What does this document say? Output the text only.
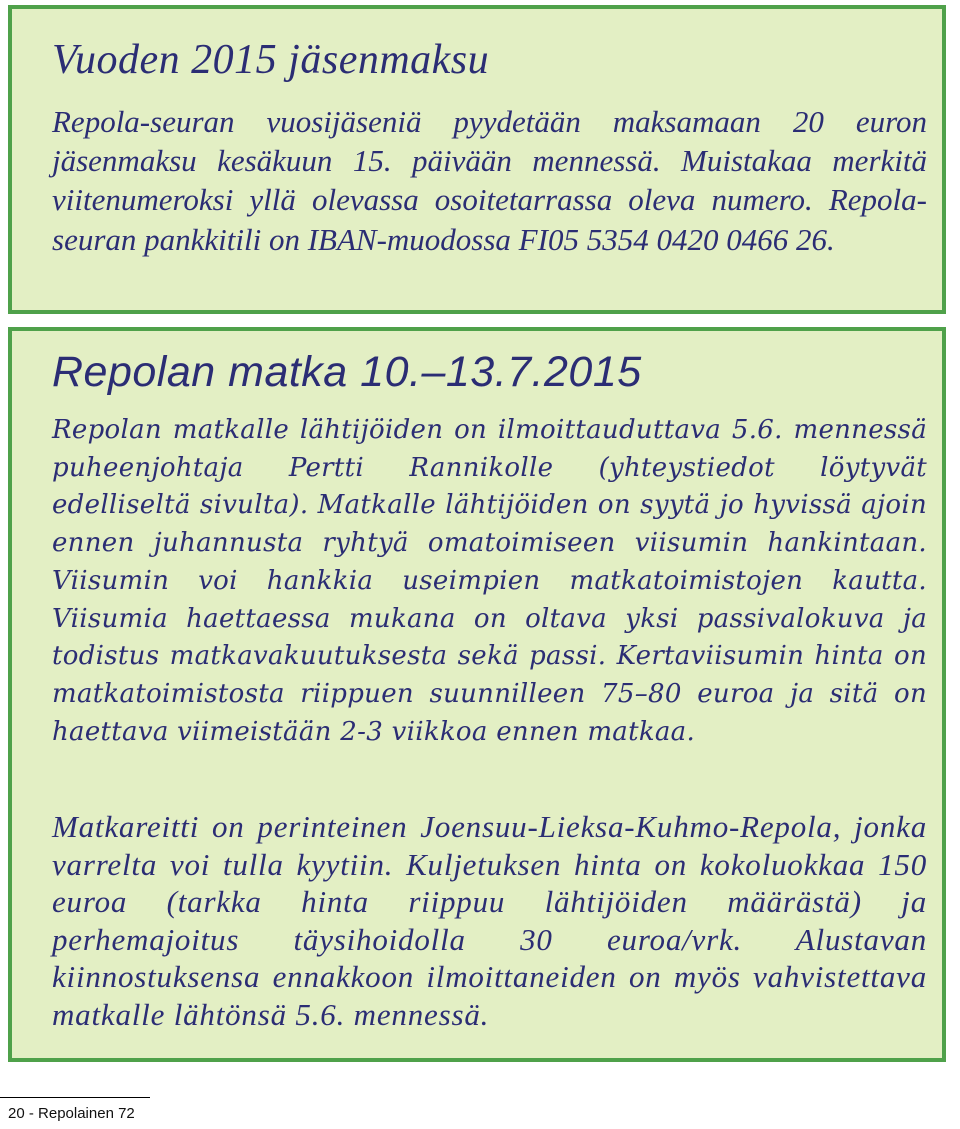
Vuoden 2015 jäsenmaksu

Repola-seuran vuosijäseniä pyydetään maksamaan 20 euron jäsenmaksu kesäkuun 15. päivään mennessä. Muistakaa merkitä viitenumeroksi yllä olevassa osoitetarrassa oleva numero. Repola-seuran pankkitili on IBAN-muodossa FI05 5354 0420 0466 26.

Repolan matka 10.–13.7.2015

Repolan matkalle lähtijöiden on ilmoittauduttava 5.6. mennessä puheenjohtaja Pertti Rannikolle (yhteystiedot löytyvät edelliseltä sivulta). Matkalle lähtijöiden on syytä jo hyvissä ajoin ennen juhannusta ryhtyä omatoimiseen viisumin hankintaan. Viisumin voi hankkia useimpien matkatoimistojen kautta. Viisumia haettaessa mukana on oltava yksi passivalokuva ja todistus matkavakuutuksesta sekä passi. Kertaviisumin hinta on matkatoimistosta riippuen suunnilleen 75–80 euroa ja sitä on haettava viimeistään 2-3 viikkoa ennen matkaa.

Matkareitti on perinteinen Joensuu-Lieksa-Kuhmo-Repola, jonka varrelta voi tulla kyytiin. Kuljetuksen hinta on kokoluokkaa 150 euroa (tarkka hinta riippuu lähtijöiden määrästä) ja perhemajoitus täysihoidolla 30 euroa/vrk. Alustavan kiinnostuksensa ennakkoon ilmoittaneiden on myös vahvistettava matkalle lähtönsä 5.6. mennessä.

20 - Repolainen 72
